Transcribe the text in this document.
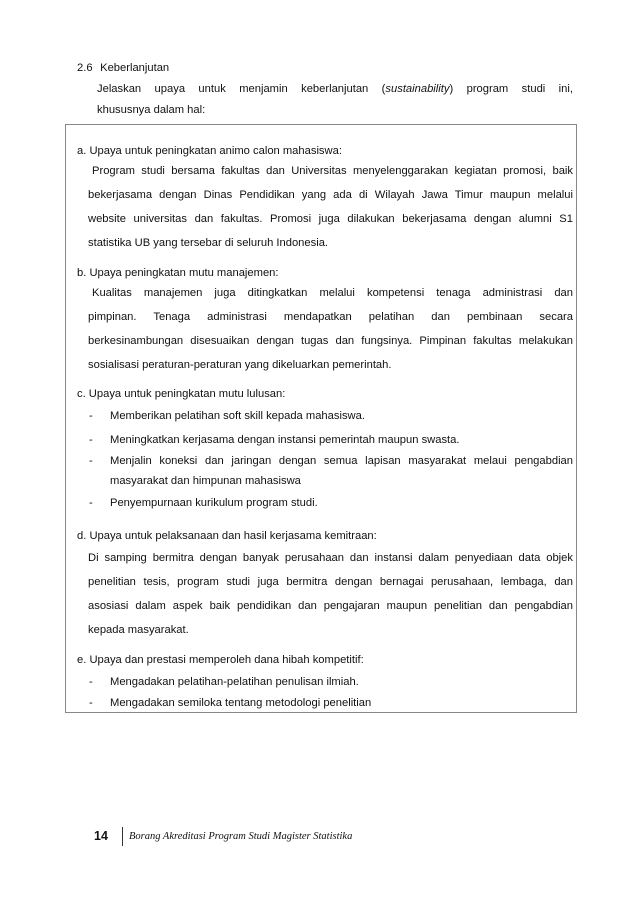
2.6 Keberlanjutan
Jelaskan upaya untuk menjamin keberlanjutan (sustainability) program studi ini,
khususnya dalam hal:
a. Upaya untuk peningkatan animo calon mahasiswa:
Program studi bersama fakultas dan Universitas menyelenggarakan kegiatan promosi, baik
bekerjasama dengan Dinas Pendidikan yang ada di Wilayah Jawa Timur maupun melalui
website universitas dan fakultas. Promosi juga dilakukan bekerjasama dengan alumni S1
statistika UB yang tersebar di seluruh Indonesia.
b. Upaya peningkatan mutu manajemen:
Kualitas manajemen juga ditingkatkan melalui kompetensi tenaga administrasi dan
pimpinan. Tenaga administrasi mendapatkan pelatihan dan pembinaan secara
berkesinambungan disesuaikan dengan tugas dan fungsinya. Pimpinan fakultas melakukan
sosialisasi peraturan-peraturan yang dikeluarkan pemerintah.
c. Upaya untuk peningkatan mutu lulusan:
- Memberikan pelatihan soft skill kepada mahasiswa.
- Meningkatkan kerjasama dengan instansi pemerintah maupun swasta.
- Menjalin koneksi dan jaringan dengan semua lapisan masyarakat melaui pengabdian
masyarakat dan himpunan mahasiswa
- Penyempurnaan kurikulum program studi.
d. Upaya untuk pelaksanaan dan hasil kerjasama kemitraan:
Di samping bermitra dengan banyak perusahaan dan instansi dalam penyediaan data objek
penelitian tesis, program studi juga bermitra dengan bernagai perusahaan, lembaga, dan
asosiasi dalam aspek baik pendidikan dan pengajaran maupun penelitian dan pengabdian
kepada masyarakat.
e. Upaya dan prestasi memperoleh dana hibah kompetitif:
- Mengadakan pelatihan-pelatihan penulisan ilmiah.
- Mengadakan semiloka tentang metodologi penelitian
14	Borang Akreditasi Program Studi Magister Statistika
